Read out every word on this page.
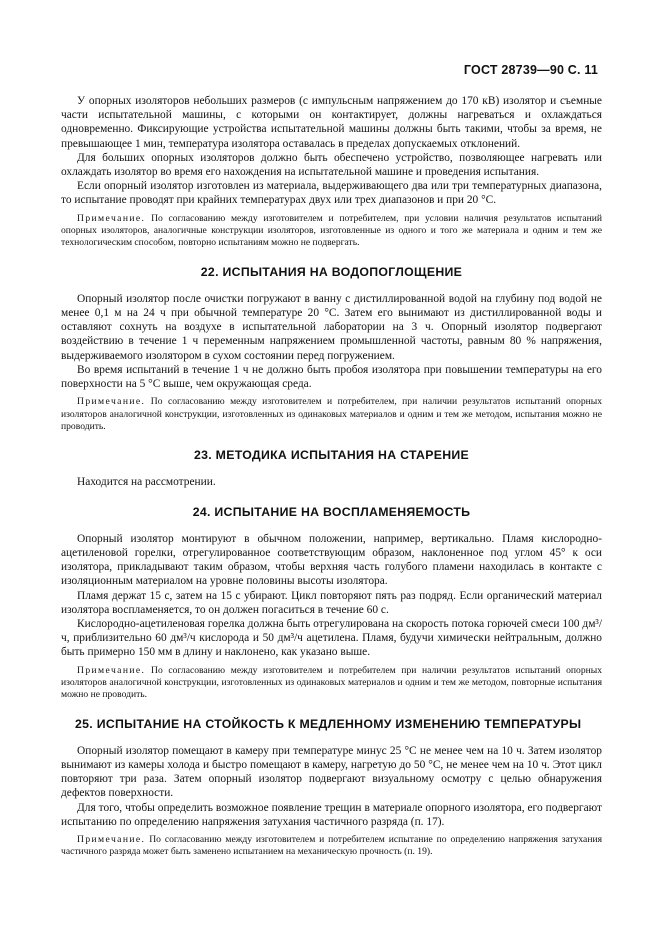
ГОСТ 28739—90 С. 11

У опорных изоляторов небольших размеров (с импульсным напряжением до 170 кВ) изолятор и съемные части испытательной машины, с которыми он контактирует, должны нагреваться и охлаждаться одновременно. Фиксирующие устройства испытательной машины должны быть такими, чтобы за время, не превышающее 1 мин, температура изолятора оставалась в пределах допускаемых отклонений.

Для больших опорных изоляторов должно быть обеспечено устройство, позволяющее нагревать или охлаждать изолятор во время его нахождения на испытательной машине и проведения испытания.

Если опорный изолятор изготовлен из материала, выдерживающего два или три температурных диапазона, то испытание проводят при крайних температурах двух или трех диапазонов и при 20 °С.

Примечание. По согласованию между изготовителем и потребителем, при условии наличия результатов испытаний опорных изоляторов, аналогичные конструкции изоляторов, изготовленные из одного и того же материала и одним и тем же технологическим способом, повторно испытаниям можно не подвергать.

22. ИСПЫТАНИЯ НА ВОДОПОГЛОЩЕНИЕ

Опорный изолятор после очистки погружают в ванну с дистиллированной водой на глубину под водой не менее 0,1 м на 24 ч при обычной температуре 20 °С. Затем его вынимают из дистиллированной воды и оставляют сохнуть на воздухе в испытательной лаборатории на 3 ч. Опорный изолятор подвергают воздействию в течение 1 ч переменным напряжением промышленной частоты, равным 80 % напряжения, выдерживаемого изолятором в сухом состоянии перед погружением.

Во время испытаний в течение 1 ч не должно быть пробоя изолятора при повышении температуры на его поверхности на 5 °С выше, чем окружающая среда.

Примечание. По согласованию между изготовителем и потребителем, при наличии результатов испытаний опорных изоляторов аналогичной конструкции, изготовленных из одинаковых материалов и одним и тем же методом, испытания можно не проводить.

23. МЕТОДИКА ИСПЫТАНИЯ НА СТАРЕНИЕ

Находится на рассмотрении.

24. ИСПЫТАНИЕ НА ВОСПЛАМЕНЯЕМОСТЬ

Опорный изолятор монтируют в обычном положении, например, вертикально. Пламя кислородно-ацетиленовой горелки, отрегулированное соответствующим образом, наклоненное под углом 45° к оси изолятора, прикладывают таким образом, чтобы верхняя часть голубого пламени находилась в контакте с изоляционным материалом на уровне половины высоты изолятора.

Пламя держат 15 с, затем на 15 с убирают. Цикл повторяют пять раз подряд. Если органический материал изолятора воспламеняется, то он должен погаситься в течение 60 с.

Кислородно-ацетиленовая горелка должна быть отрегулирована на скорость потока горючей смеси 100 дм³/ч, приблизительно 60 дм³/ч кислорода и 50 дм³/ч ацетилена. Пламя, будучи химически нейтральным, должно быть примерно 150 мм в длину и наклонено, как указано выше.

Примечание. По согласованию между изготовителем и потребителем при наличии результатов испытаний опорных изоляторов аналогичной конструкции, изготовленных из одинаковых материалов и одним и тем же методом, повторные испытания можно не проводить.

25. ИСПЫТАНИЕ НА СТОЙКОСТЬ К МЕДЛЕННОМУ ИЗМЕНЕНИЮ ТЕМПЕРАТУРЫ

Опорный изолятор помещают в камеру при температуре минус 25 °С не менее чем на 10 ч. Затем изолятор вынимают из камеры холода и быстро помещают в камеру, нагретую до 50 °С, не менее чем на 10 ч. Этот цикл повторяют три раза. Затем опорный изолятор подвергают визуальному осмотру с целью обнаружения дефектов поверхности.

Для того, чтобы определить возможное появление трещин в материале опорного изолятора, его подвергают испытанию по определению напряжения затухания частичного разряда (п. 17).

Примечание. По согласованию между изготовителем и потребителем испытание по определению напряжения затухания частичного разряда может быть заменено испытанием на механическую прочность (п. 19).
